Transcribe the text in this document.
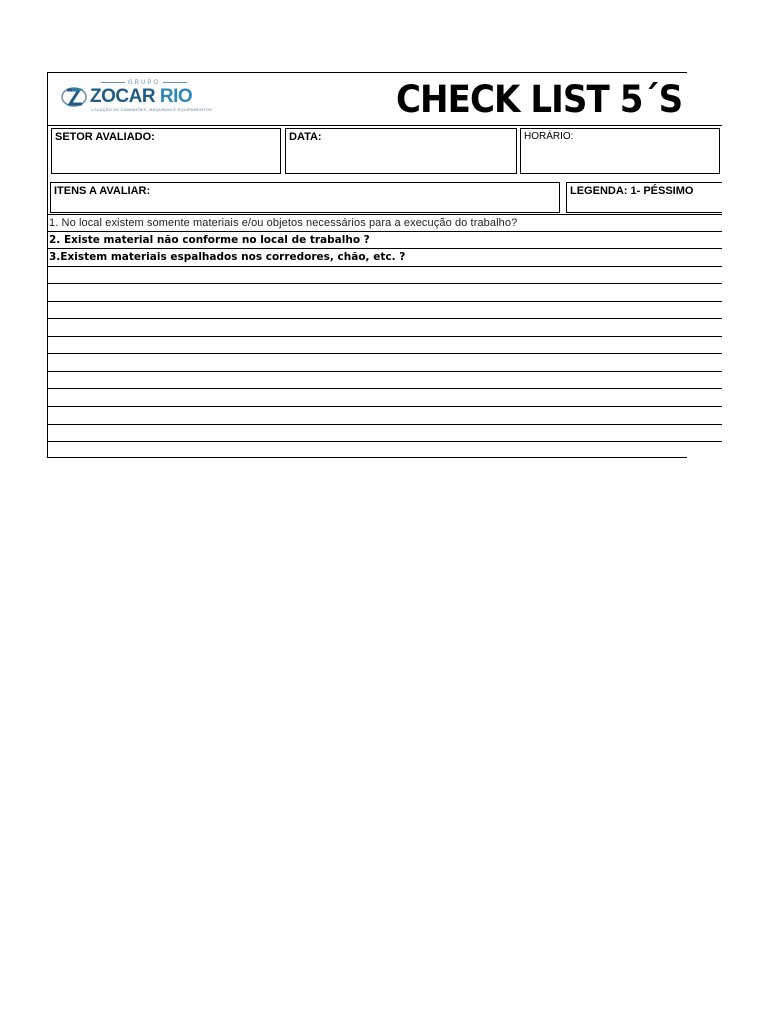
GRUPO
ZOCAR RIO
LOCAÇÃO DE CAMINHÕES, MÁQUINAS E EQUIPAMENTOS	CHECK LIST 5´S
SETOR AVALIADO:	DATA:	HORÁRIO:
ITENS A AVALIAR:	LEGENDA: 1- PÉSSIMO
1. No local existem somente materiais e/ou objetos necessários para a execução do trabalho?
2. Existe material não conforme no local de trabalho ?
3.Existem materiais espalhados nos corredores, chão, etc. ?
